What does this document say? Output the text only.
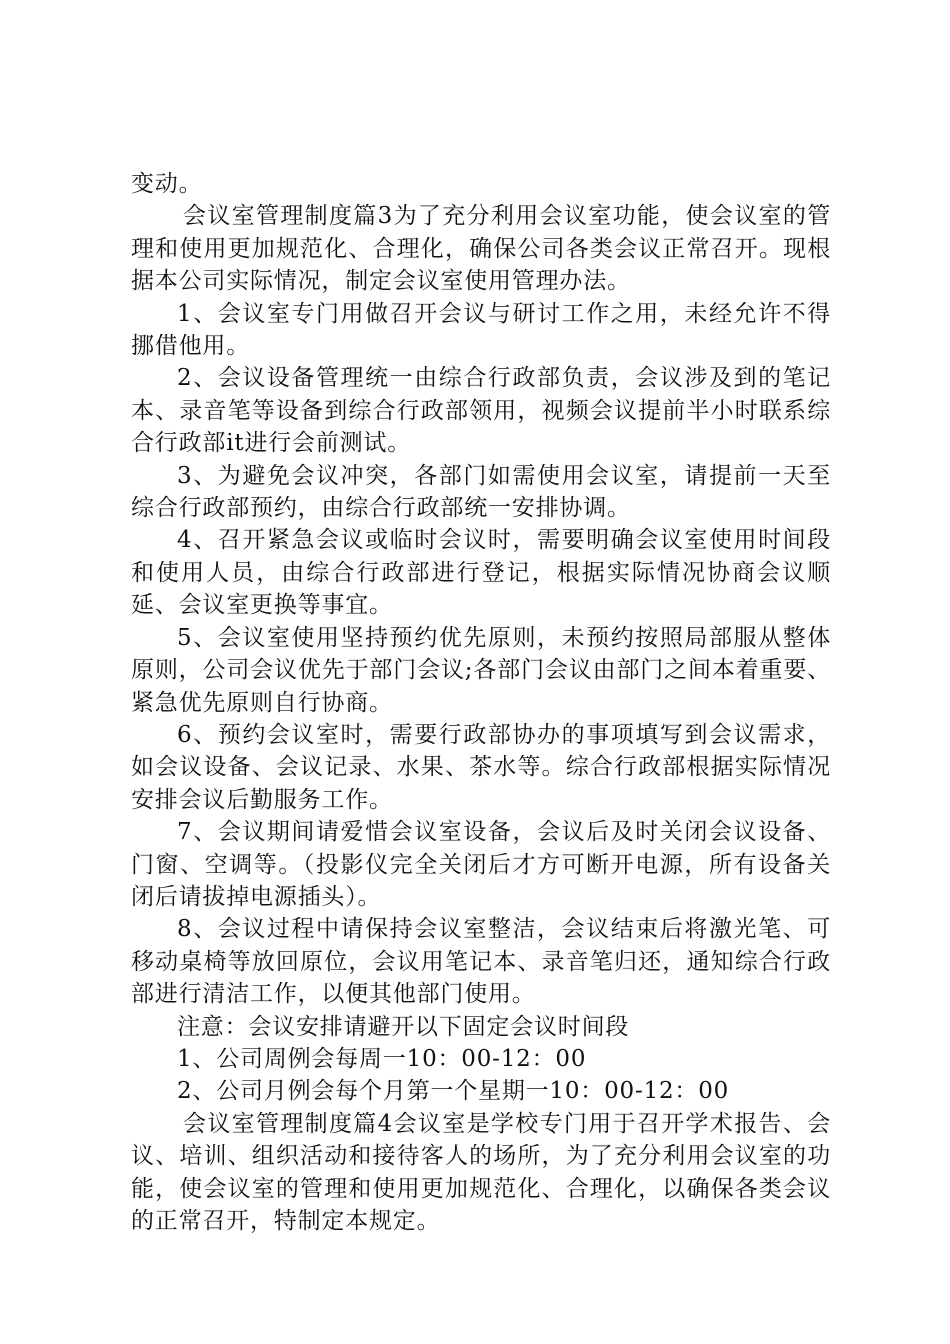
变动。

会议室管理制度篇3为了充分利用会议室功能，使会议室的管理和使用更加规范化、合理化，确保公司各类会议正常召开。现根据本公司实际情况，制定会议室使用管理办法。

1、会议室专门用做召开会议与研讨工作之用，未经允许不得挪借他用。

2、会议设备管理统一由综合行政部负责，会议涉及到的笔记本、录音笔等设备到综合行政部领用，视频会议提前半小时联系综合行政部it进行会前测试。

3、为避免会议冲突，各部门如需使用会议室，请提前一天至综合行政部预约，由综合行政部统一安排协调。

4、召开紧急会议或临时会议时，需要明确会议室使用时间段和使用人员，由综合行政部进行登记，根据实际情况协商会议顺延、会议室更换等事宜。

5、会议室使用坚持预约优先原则，未预约按照局部服从整体原则，公司会议优先于部门会议;各部门会议由部门之间本着重要、紧急优先原则自行协商。

6、预约会议室时，需要行政部协办的事项填写到会议需求，如会议设备、会议记录、水果、茶水等。综合行政部根据实际情况安排会议后勤服务工作。

7、会议期间请爱惜会议室设备，会议后及时关闭会议设备、门窗、空调等。（投影仪完全关闭后才方可断开电源，所有设备关闭后请拔掉电源插头）。

8、会议过程中请保持会议室整洁，会议结束后将激光笔、可移动桌椅等放回原位，会议用笔记本、录音笔归还，通知综合行政部进行清洁工作，以便其他部门使用。

注意：会议安排请避开以下固定会议时间段

1、公司周例会每周一10：00-12：00

2、公司月例会每个月第一个星期一10：00-12：00

会议室管理制度篇4会议室是学校专门用于召开学术报告、会议、培训、组织活动和接待客人的场所，为了充分利用会议室的功能，使会议室的管理和使用更加规范化、合理化，以确保各类会议的正常召开，特制定本规定。
